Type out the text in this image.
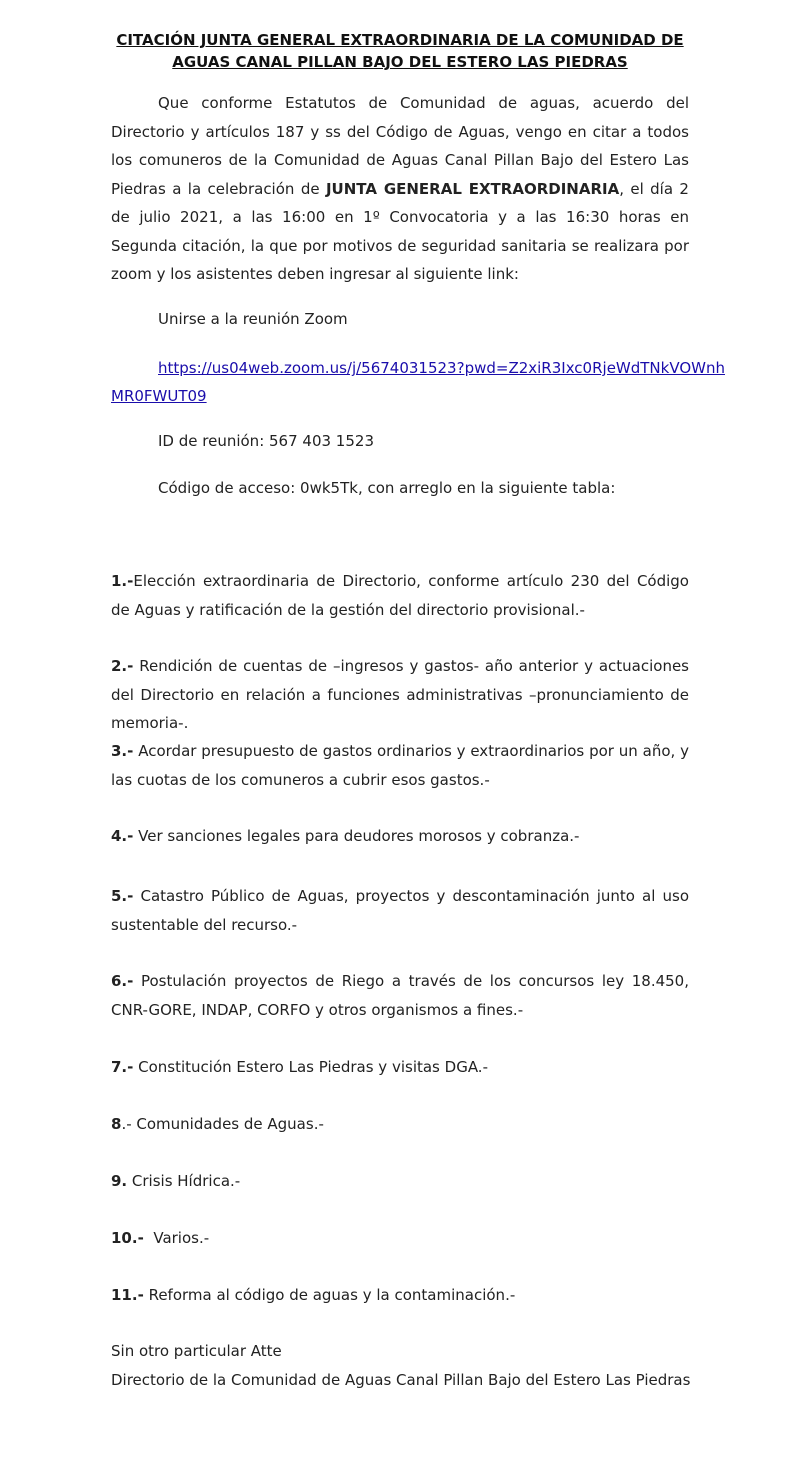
CITACIÓN JUNTA GENERAL EXTRAORDINARIA DE LA COMUNIDAD DE
AGUAS CANAL PILLAN BAJO DEL ESTERO LAS PIEDRAS
Que conforme Estatutos de Comunidad de aguas, acuerdo del Directorio y artículos 187 y ss del Código de Aguas, vengo en citar a todos los comuneros de la Comunidad de Aguas Canal Pillan Bajo del Estero Las Piedras a la celebración de JUNTA GENERAL EXTRAORDINARIA, el día 2 de julio 2021, a las 16:00 en 1º Convocatoria y a las 16:30 horas en Segunda citación, la que por motivos de seguridad sanitaria se realizara por zoom y los asistentes deben ingresar al siguiente link:
Unirse a la reunión Zoom
https://us04web.zoom.us/j/5674031523?pwd=Z2xiR3Ixc0RjeWdTNkVOWnhMR0FWUT09
ID de reunión: 567 403 1523
Código de acceso: 0wk5Tk, con arreglo en la siguiente tabla:
1.-Elección extraordinaria de Directorio, conforme artículo 230 del Código de Aguas y ratificación de la gestión del directorio provisional.-
2.- Rendición de cuentas de –ingresos y gastos- año anterior y actuaciones del Directorio en relación a funciones administrativas –pronunciamiento de memoria-.
3.- Acordar presupuesto de gastos ordinarios y extraordinarios por un año, y las cuotas de los comuneros a cubrir esos gastos.-
4.- Ver sanciones legales para deudores morosos y cobranza.-
5.- Catastro Público de Aguas, proyectos y descontaminación junto al uso sustentable del recurso.-
6.- Postulación proyectos de Riego a través de los concursos ley 18.450, CNR-GORE, INDAP, CORFO y otros organismos a fines.-
7.- Constitución Estero Las Piedras y visitas DGA.-
8.- Comunidades de Aguas.-
9. Crisis Hídrica.-
10.-  Varios.-
11.- Reforma al código de aguas y la contaminación.-
Sin otro particular Atte
Directorio de la Comunidad de Aguas Canal Pillan Bajo del Estero Las Piedras
